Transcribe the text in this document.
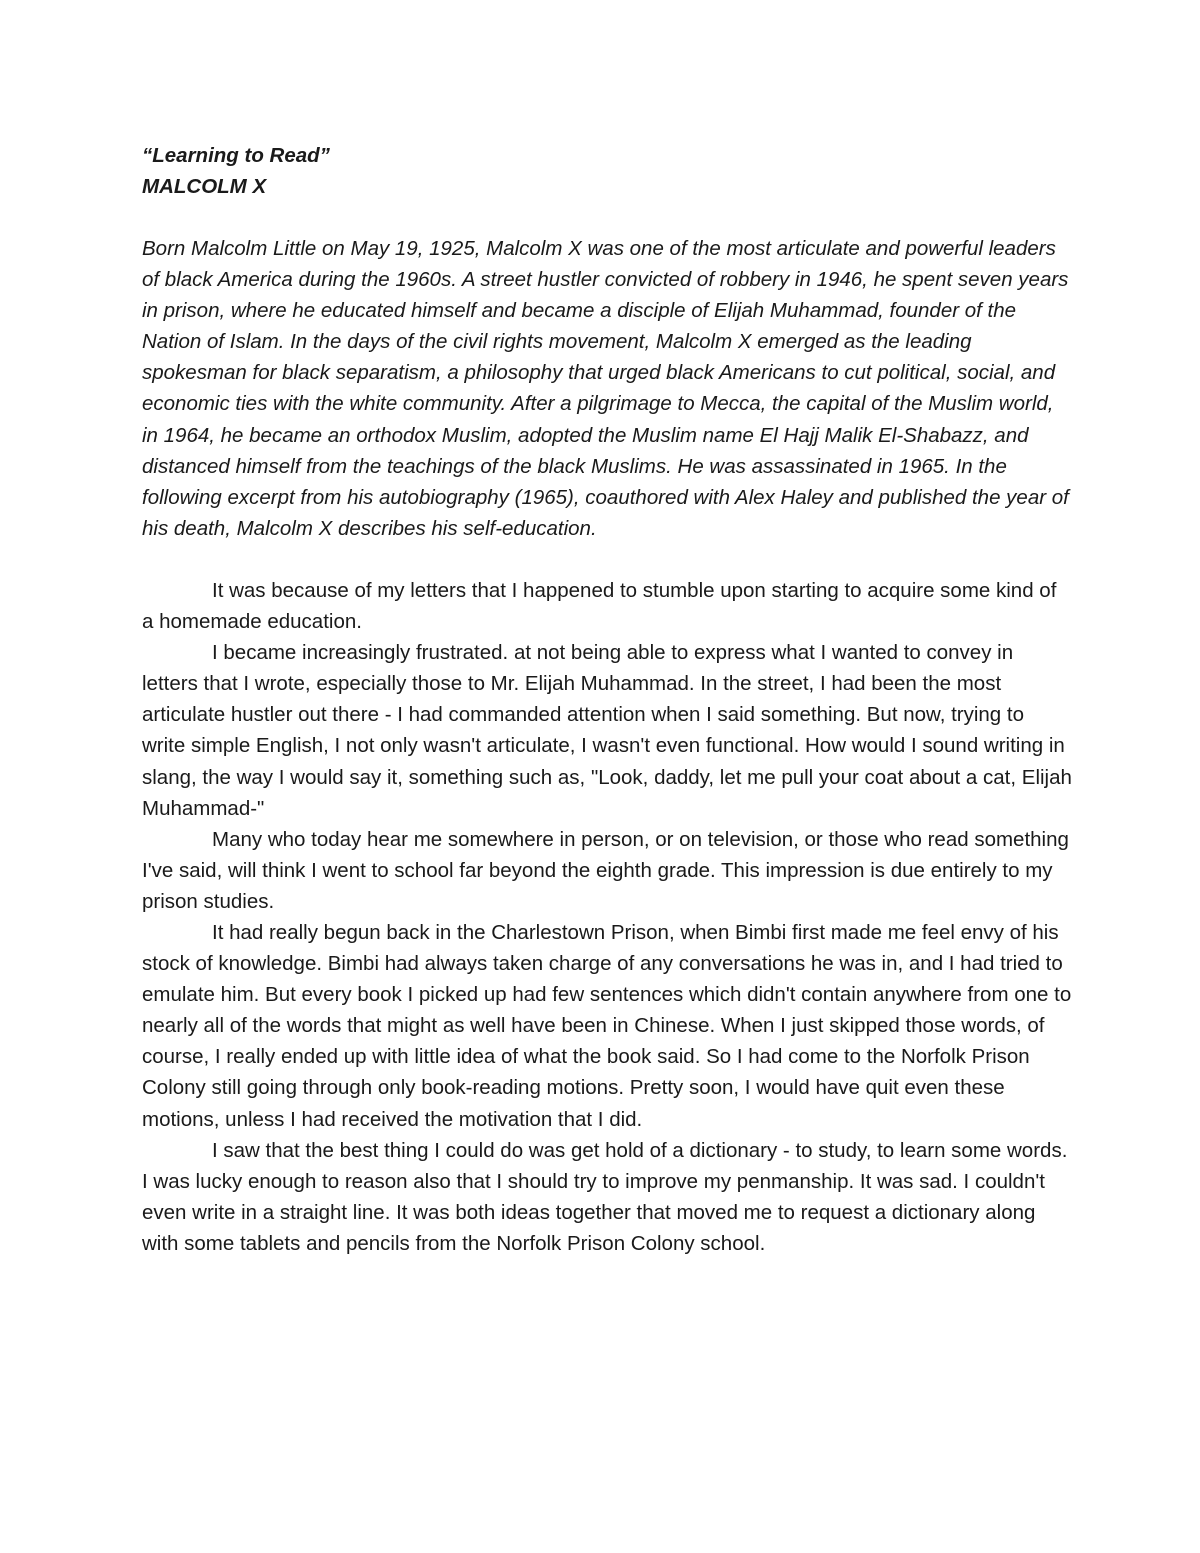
“Learning to Read”

MALCOLM X

Born Malcolm Little on May 19, 1925, Malcolm X was one of the most articulate and powerful leaders of black America during the 1960s. A street hustler convicted of robbery in 1946, he spent seven years in prison, where he educated himself and became a disciple of Elijah Muhammad, founder of the Nation of Islam. In the days of the civil rights movement, Malcolm X emerged as the leading spokesman for black separatism, a philosophy that urged black Americans to cut political, social, and economic ties with the white community. After a pilgrimage to Mecca, the capital of the Muslim world, in 1964, he became an orthodox Muslim, adopted the Muslim name El Hajj Malik El-Shabazz, and distanced himself from the teachings of the black Muslims. He was assassinated in 1965. In the following excerpt from his autobiography (1965), coauthored with Alex Haley and published the year of his death, Malcolm X describes his self-education.

It was because of my letters that I happened to stumble upon starting to acquire some kind of a homemade education.

I became increasingly frustrated. at not being able to express what I wanted to convey in letters that I wrote, especially those to Mr. Elijah Muhammad. In the street, I had been the most articulate hustler out there - I had commanded attention when I said something. But now, trying to write simple English, I not only wasn't articulate, I wasn't even functional. How would I sound writing in slang, the way I would say it, something such as, "Look, daddy, let me pull your coat about a cat, Elijah Muhammad-"

Many who today hear me somewhere in person, or on television, or those who read something I've said, will think I went to school far beyond the eighth grade. This impression is due entirely to my prison studies.

It had really begun back in the Charlestown Prison, when Bimbi first made me feel envy of his stock of knowledge. Bimbi had always taken charge of any conversations he was in, and I had tried to emulate him. But every book I picked up had few sentences which didn't contain anywhere from one to nearly all of the words that might as well have been in Chinese. When I just skipped those words, of course, I really ended up with little idea of what the book said. So I had come to the Norfolk Prison Colony still going through only book-reading motions. Pretty soon, I would have quit even these motions, unless I had received the motivation that I did.

I saw that the best thing I could do was get hold of a dictionary - to study, to learn some words. I was lucky enough to reason also that I should try to improve my penmanship. It was sad. I couldn't even write in a straight line. It was both ideas together that moved me to request a dictionary along with some tablets and pencils from the Norfolk Prison Colony school.
